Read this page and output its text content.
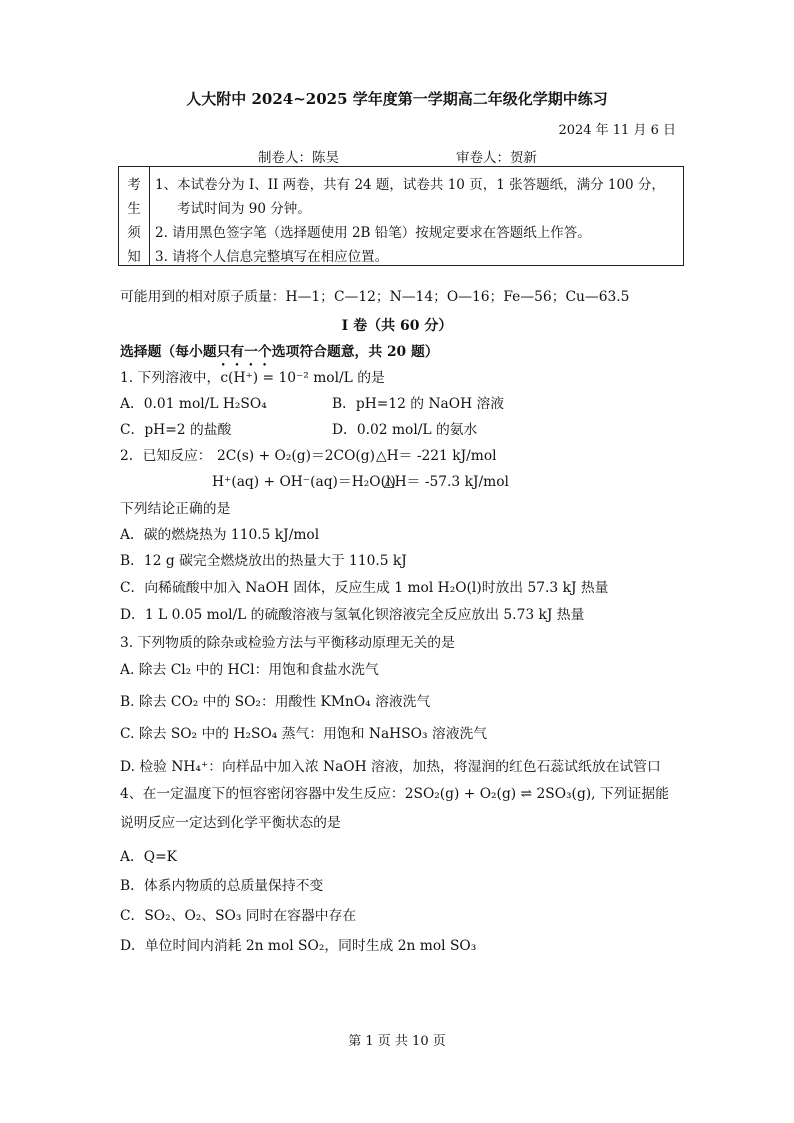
人大附中 2024~2025 学年度第一学期高二年级化学期中练习
2024 年 11 月 6 日
制卷人：陈昊	审卷人：贺新
考
生
须
知
1、本试卷分为 I、II 两卷，共有 24 题，试卷共 10 页，1 张答题纸，满分 100 分，
考试时间为 90 分钟。
2. 请用黑色签字笔（选择题使用 2B 铅笔）按规定要求在答题纸上作答。
3. 请将个人信息完整填写在相应位置。
可能用到的相对原子质量：H—1；C—12；N—14；O—16；Fe—56；Cu—63.5
I 卷（共 60 分）
选择题（每小题只有一个选项符合题意，共 20 题）
1. 下列溶液中，c(H⁺) = 10⁻² mol/L 的是
A．0.01 mol/L H₂SO₄	B．pH=12 的 NaOH 溶液
C．pH=2 的盐酸	D．0.02 mol/L 的氨水
2．已知反应： 2C(s) + O₂(g)＝2CO(g) △H＝ -221 kJ/mol
H⁺(aq) + OH⁻(aq)＝H₂O(l)
△H＝ -57.3 kJ/mol
下列结论正确的是
A．碳的燃烧热为 110.5 kJ/mol
B．12 g 碳完全燃烧放出的热量大于 110.5 kJ
C．向稀硫酸中加入 NaOH 固体，反应生成 1 mol H₂O(l)时放出 57.3 kJ 热量
D．1 L 0.05 mol/L 的硫酸溶液与氢氧化钡溶液完全反应放出 5.73 kJ 热量
3. 下列物质的除杂或检验方法与平衡移动原理无关的是
A. 除去 Cl₂ 中的 HCl：用饱和食盐水洗气
B. 除去 CO₂ 中的 SO₂：用酸性 KMnO₄ 溶液洗气
C. 除去 SO₂ 中的 H₂SO₄ 蒸气：用饱和 NaHSO₃ 溶液洗气
D. 检验 NH₄⁺：向样品中加入浓 NaOH 溶液，加热，将湿润的红色石蕊试纸放在试管口
4、在一定温度下的恒容密闭容器中发生反应：2SO₂(g) + O₂(g) ⇌ 2SO₃(g), 下列证据能
说明反应一定达到化学平衡状态的是
A．Q=K
B．体系内物质的总质量保持不变
C．SO₂、O₂、SO₃ 同时在容器中存在
D．单位时间内消耗 2n mol SO₂，同时生成 2n mol SO₃
第 1 页 共 10 页
